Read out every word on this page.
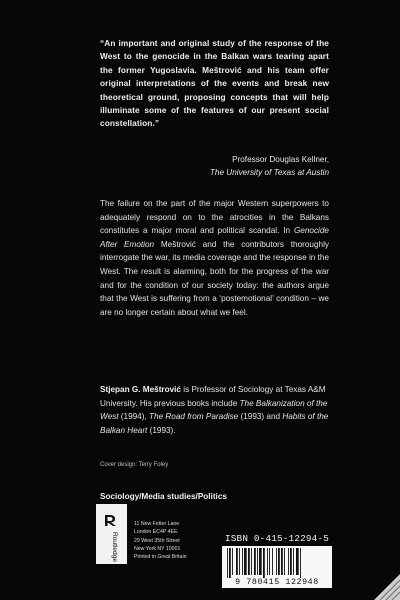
“An important and original study of the response of the West to the genocide in the Balkan wars tearing apart the former Yugoslavia. Meštrović and his team offer original interpretations of the events and break new theoretical ground, proposing concepts that will help illuminate some of the features of our present social constellation.”
Professor Douglas Kellner,
The University of Texas at Austin
The failure on the part of the major Western superpowers to adequately respond on to the atrocities in the Balkans constitutes a major moral and political scandal. In Genocide After Emotion Meštrović and the contributors thoroughly interrogate the war, its media coverage and the response in the West. The result is alarming, both for the progress of the war and for the condition of our society today: the authors argue that the West is suffering from a ‘postemotional’ condition – we are no longer certain about what we feel.
Stjepan G. Meštrović is Professor of Sociology at Texas A&M University. His previous books include The Balkanization of the West (1994), The Road from Paradise (1993) and Habits of the Balkan Heart (1993).
Cover design: Terry Foley
Sociology/Media studies/Politics
Routledge
11 New Fetter Lane
London EC4P 4EE
29 West 35th Street
New York NY 10001
Printed in Great Britain
ISBN 0-415-12294-5
9 780415 122948
